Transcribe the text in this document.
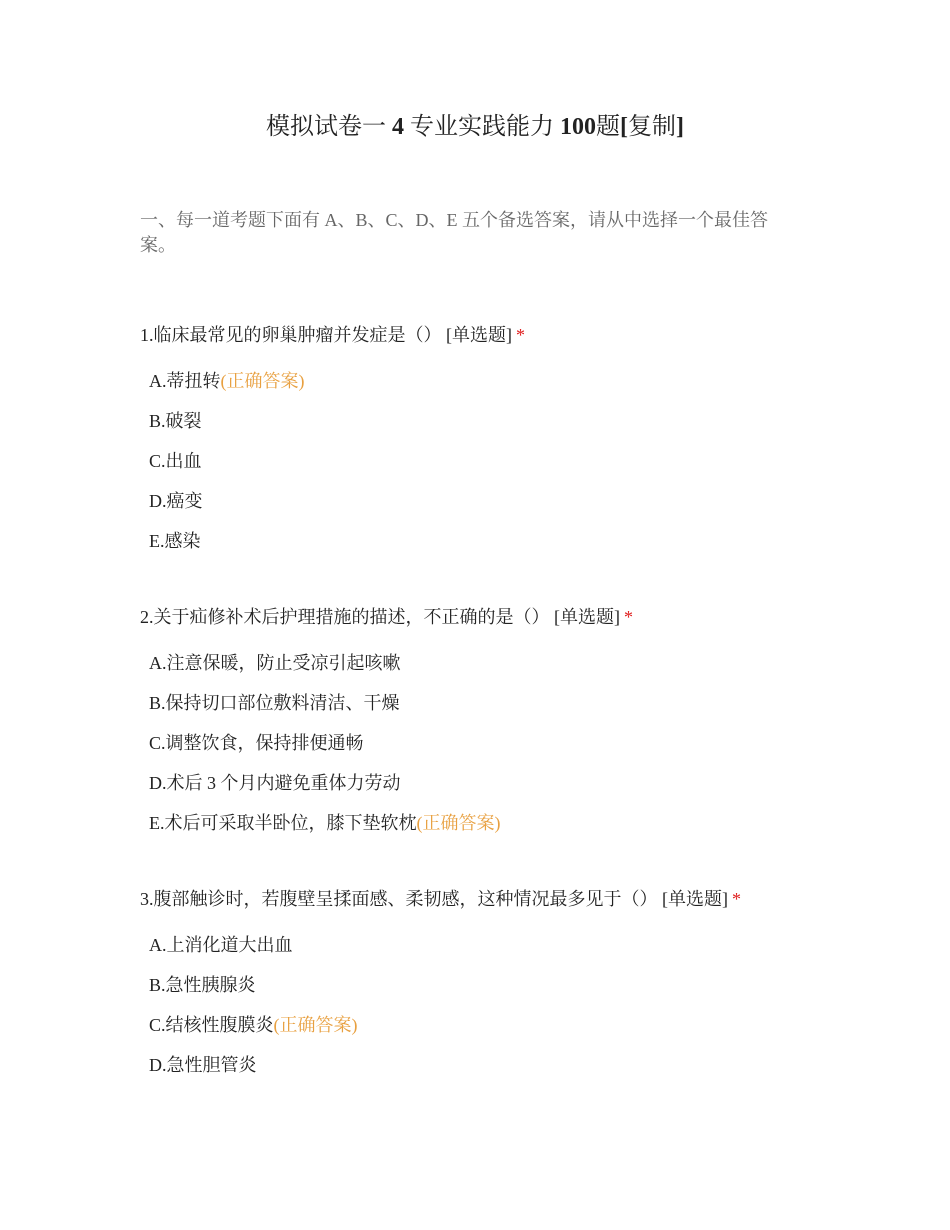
模拟试卷一 4 专业实践能力 100题[复制]
一、每一道考题下面有 A、B、C、D、E 五个备选答案，请从中选择一个最佳答案。
1.临床最常见的卵巢肿瘤并发症是（） [单选题] *
A.蒂扭转(正确答案)
B.破裂
C.出血
D.癌变
E.感染
2.关于疝修补术后护理措施的描述，不正确的是（） [单选题] *
A.注意保暖，防止受凉引起咳嗽
B.保持切口部位敷料清洁、干燥
C.调整饮食，保持排便通畅
D.术后 3 个月内避免重体力劳动
E.术后可采取半卧位，膝下垫软枕(正确答案)
3.腹部触诊时，若腹壁呈揉面感、柔韧感，这种情况最多见于（） [单选题] *
A.上消化道大出血
B.急性胰腺炎
C.结核性腹膜炎(正确答案)
D.急性胆管炎
